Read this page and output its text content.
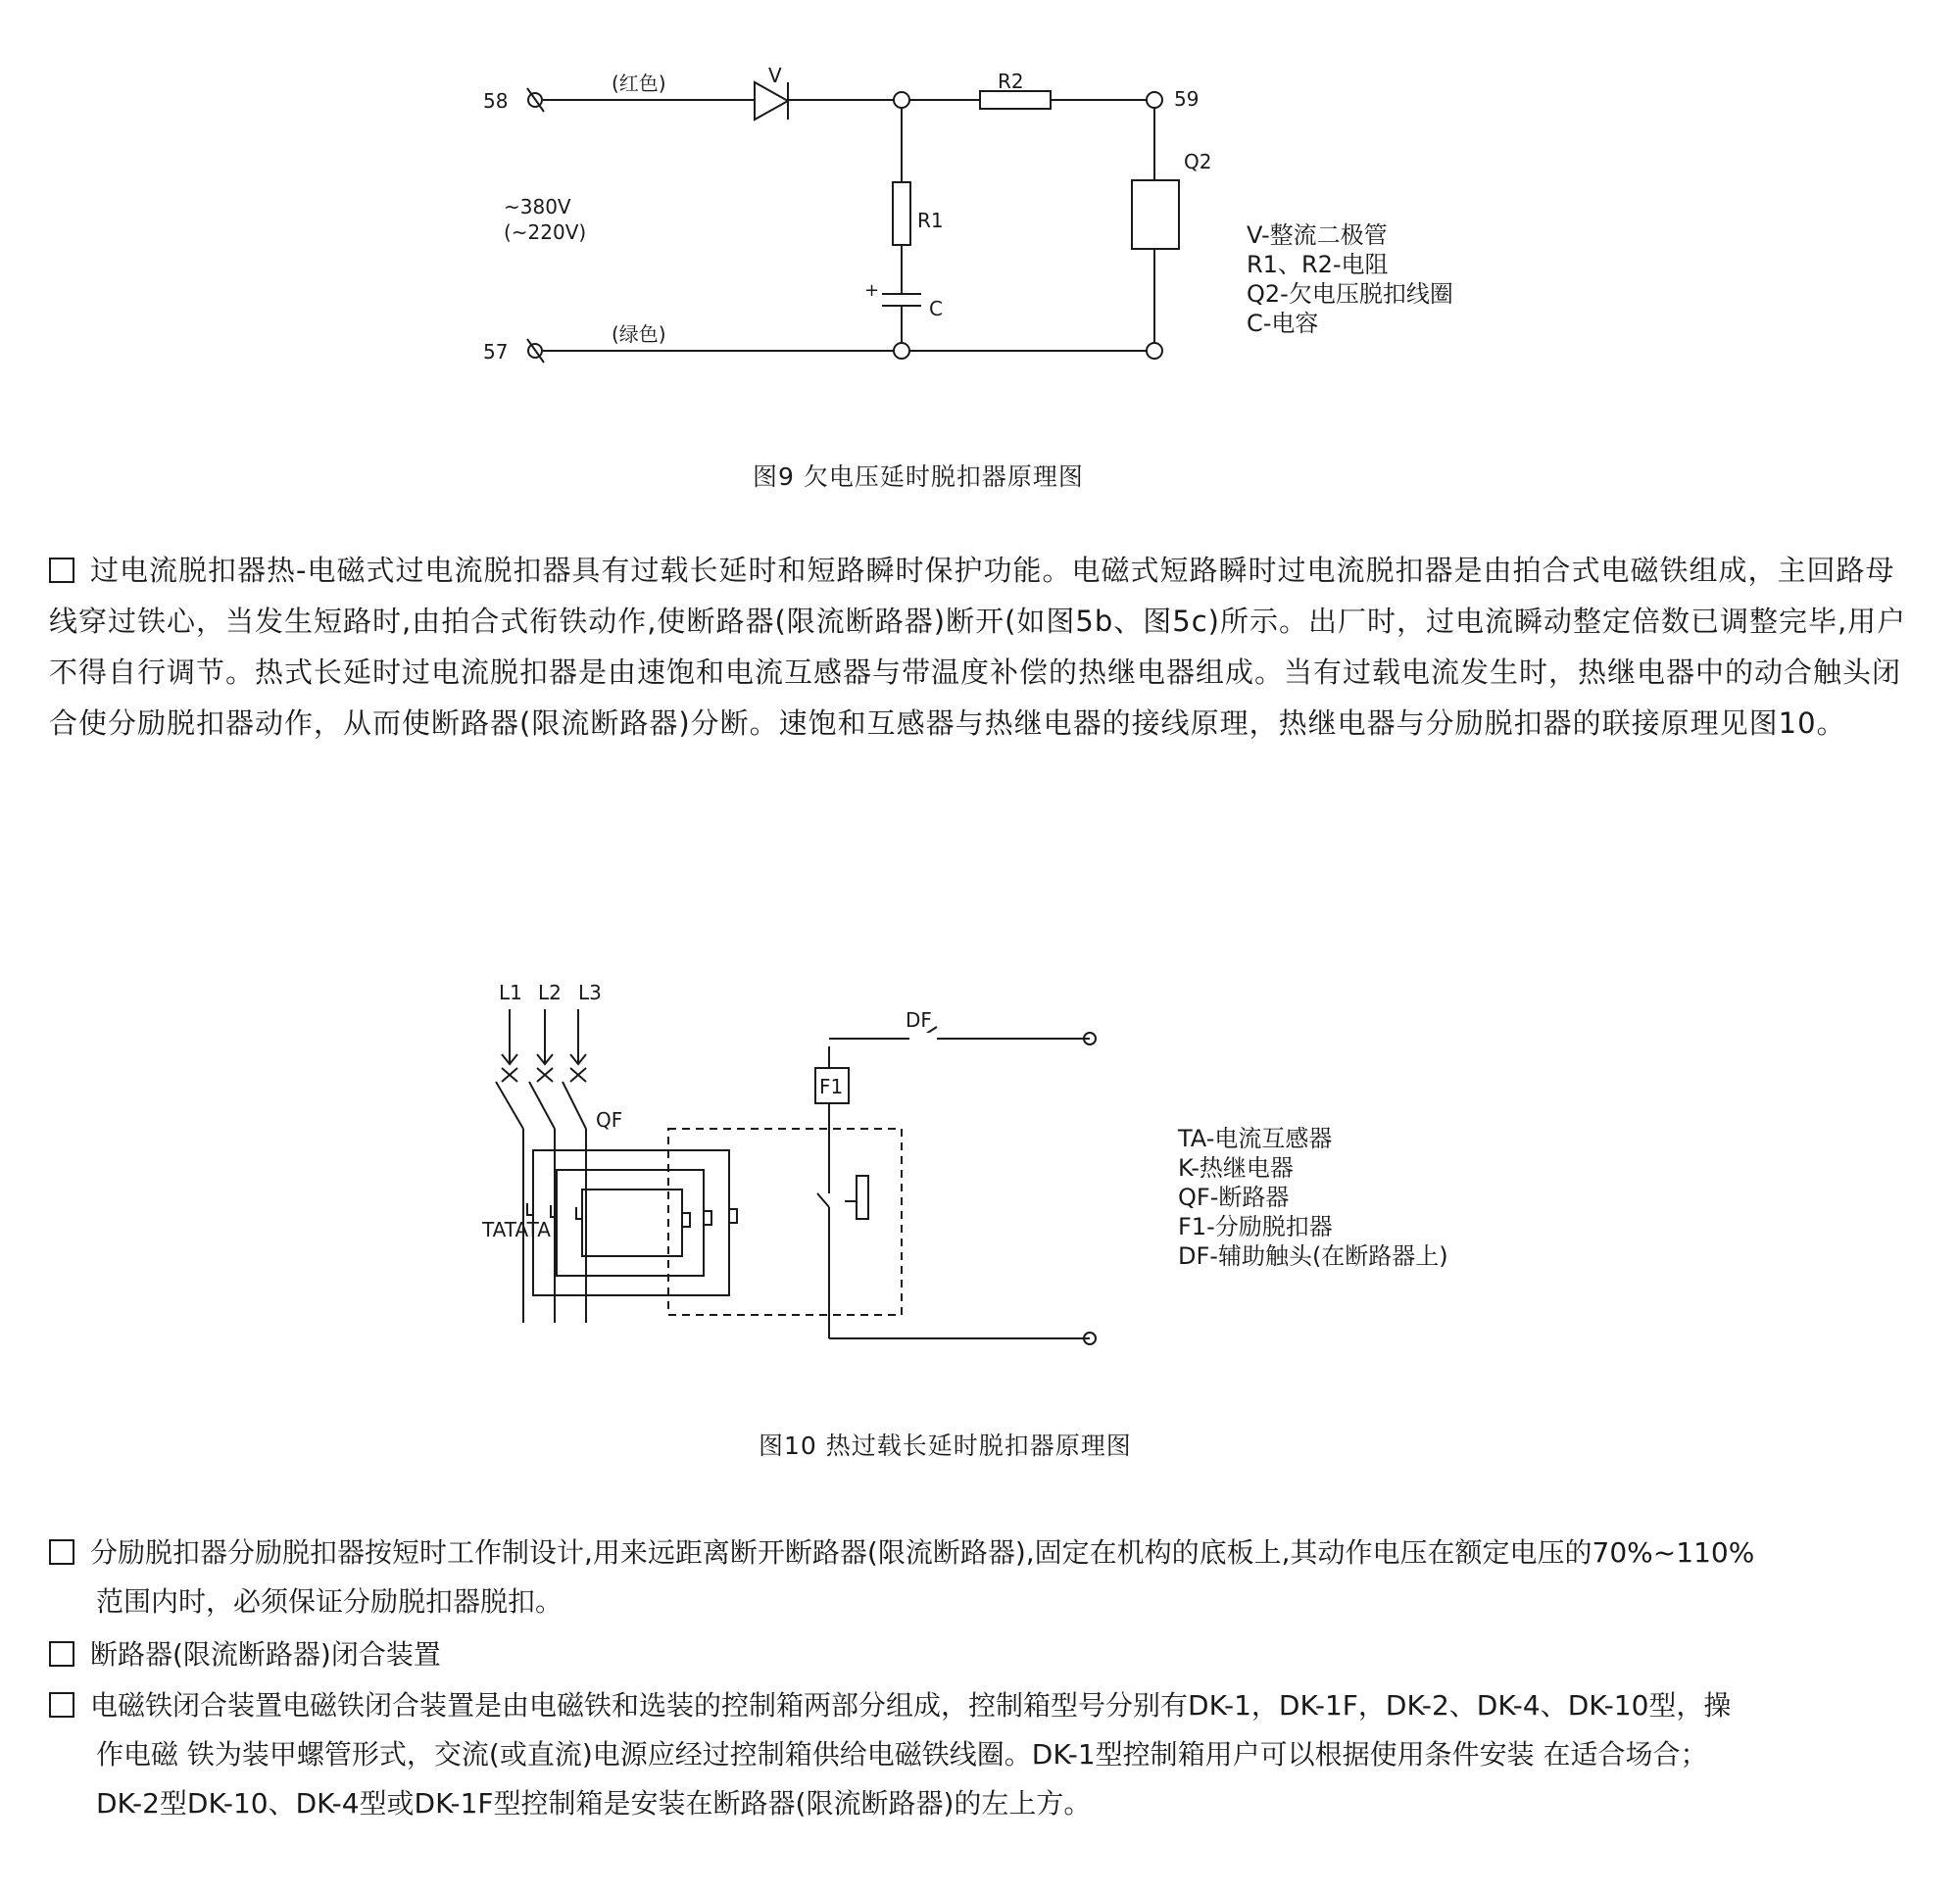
58
57
59
(红色)
(绿色)
V	R2
R1
C
+
Q2
~380V
(~220V)	V-整流二极管
R1、R2-电阻
Q2-欠电压脱扣线圈
C-电容
图9 欠电压延时脱扣器原理图
过电流脱扣器热-电磁式过电流脱扣器具有过载长延时和短路瞬时保护功能。电磁式短路瞬时过电流脱扣器是由拍合式电磁铁组成，主回路母线穿过铁心，当发生短路时,由拍合式衔铁动作,使断路器(限流断路器)断开(如图5b、图5c)所示。出厂时，过电流瞬动整定倍数已调整完毕,用户不得自行调节。热式长延时过电流脱扣器是由速饱和电流互感器与带温度补偿的热继电器组成。当有过载电流发生时，热继电器中的动合触头闭合使分励脱扣器动作，从而使断路器(限流断路器)分断。速饱和互感器与热继电器的接线原理，热继电器与分励脱扣器的联接原理见图10。
L1 L2 L3
QF
DF
F1
TATATA
TA-电流互感器
K-热继电器
QF-断路器
F1-分励脱扣器
DF-辅助触头(在断路器上)
图10 热过载长延时脱扣器原理图
分励脱扣器分励脱扣器按短时工作制设计,用来远距离断开断路器(限流断路器),固定在机构的底板上,其动作电压在额定电压的70%~110%
范围内时，必须保证分励脱扣器脱扣。
断路器(限流断路器)闭合装置
电磁铁闭合装置电磁铁闭合装置是由电磁铁和选装的控制箱两部分组成，控制箱型号分别有DK-1，DK-1F，DK-2、DK-4、DK-10型，操
作电磁 铁为装甲螺管形式，交流(或直流)电源应经过控制箱供给电磁铁线圈。DK-1型控制箱用户可以根据使用条件安装 在适合场合；
DK-2型DK-10、DK-4型或DK-1F型控制箱是安装在断路器(限流断路器)的左上方。
